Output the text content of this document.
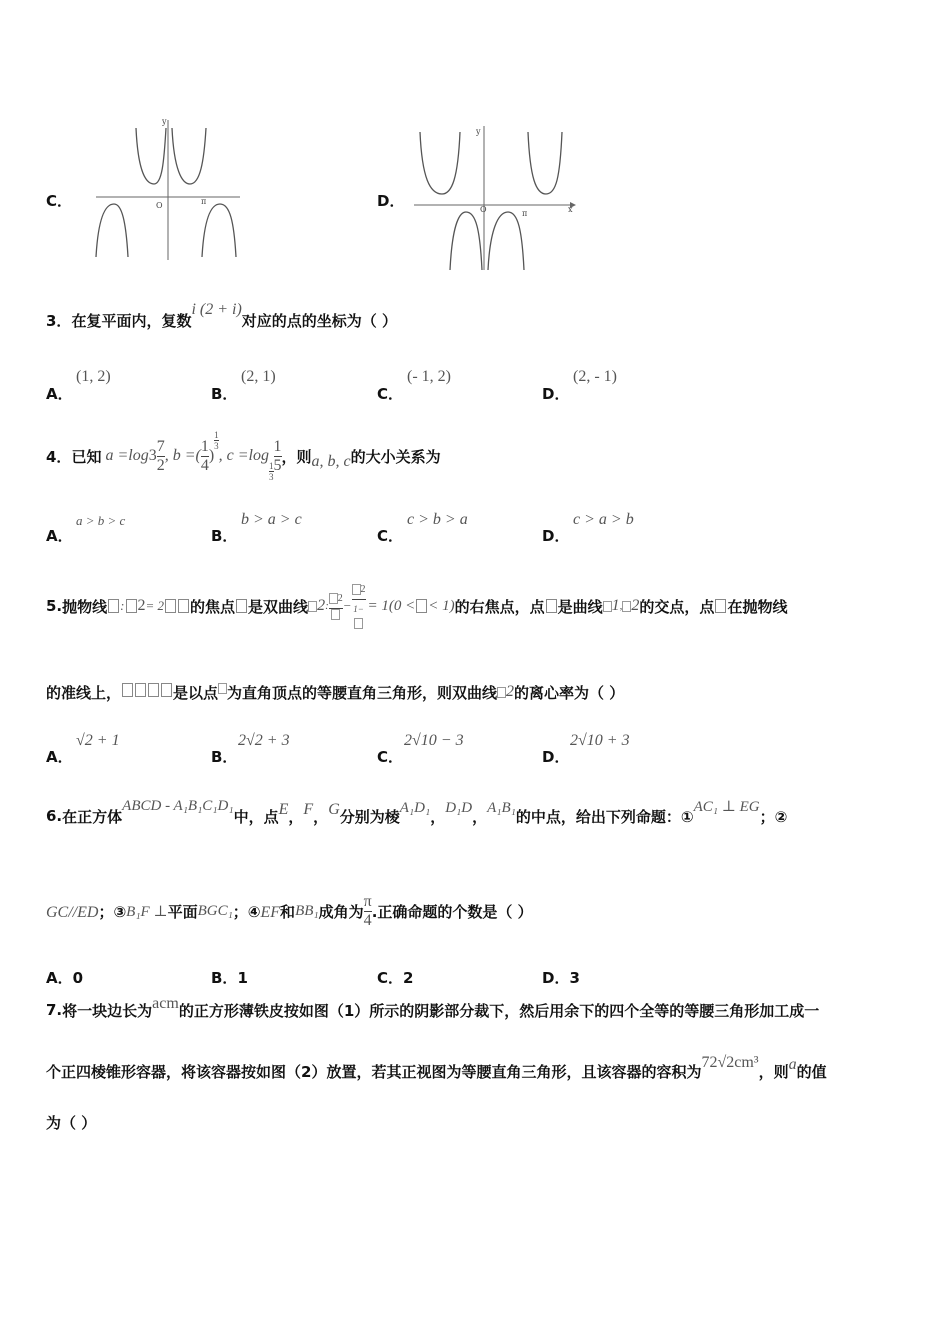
C．
y
O	π	D．
y
x
O	π
3．在复平面内，复数i (2 + i)对应的点的坐标为（ ）
A．
(1, 2)
B．
(2, 1)
C．
(- 1, 2)
D．
(2, - 1)
4． 已知 a =log $3 \frac{7}{2}$ , b =( $\frac{1}{4}$ )
$\frac{1}{3}$
, c =log
$\frac{1}{3} \frac{1}{5}$ ，则 a, b, c 的大小关系为
A．
a > b > c
B．
b > a > c
C．
c > b > a
D．
c > a > b
5. 抛物线 : 2 = 2 的焦点 是双曲线 2 :
$^2 - \frac{^2}{1-} = 1(0$ < < 1) 的右焦点，点 是曲线 1 , 2 的交点，点 在抛物线
的准线上，	是以点 为直角顶点的等腰直角三角形，则双曲线 2 的离心率为（ ）
A．
√2 + 1
B．
2√2 + 3
C．
2√10 − 3
D．
2√10 + 3
6. 在正方体
ABCD - A₁B₁C₁D₁
中，点 E ， F ， G 分别为棱 A₁D₁ ， D₁D ， A₁B₁ 的中点，给出下列命题：①
AC₁ ⊥ EG
；②
GC//ED ；③ B₁F ⊥ 平面 BGC₁ ；④ EF 和 BB₁ 成角为 $\frac{\pi}{4}$ .正确命题的个数是（ ）
A．0	B．1	C．2	D．3
7. 将一块边长为 acm 的正方形薄铁皮按如图（1）所示的阴影部分裁下，然后用余下的四个全等的等腰三角形加工成一
个正四棱锥形容器，将该容器按如图（2）放置，若其正视图为等腰直角三角形，且该容器的容积为 72√2cm³ ，则 a 的值
为（ ）
